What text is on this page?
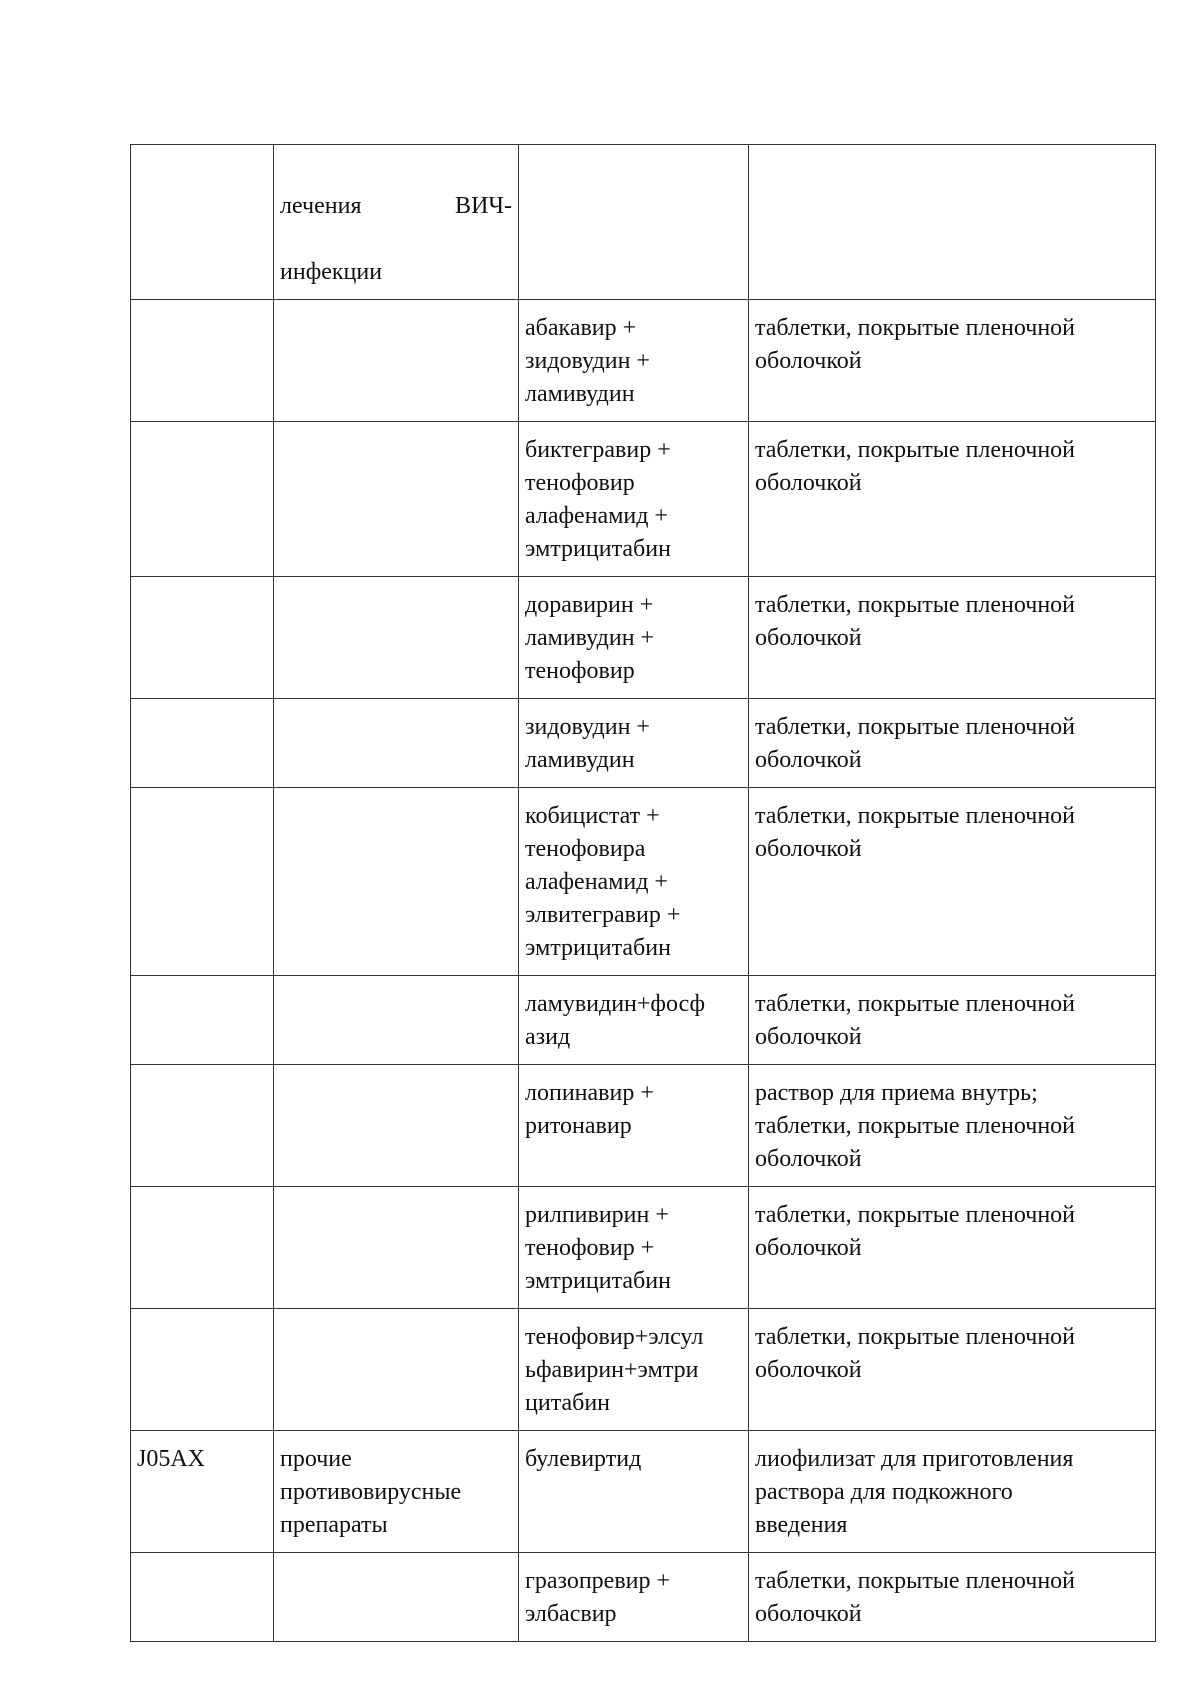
	лечения ВИЧ-

инфекции

		абакавир +
зидовудин +
ламивудин	таблетки, покрытые пленочной
оболочкой
		биктегравир +
тенофовир
алафенамид +
эмтрицитабин	таблетки, покрытые пленочной
оболочкой
		доравирин +
ламивудин +
тенофовир	таблетки, покрытые пленочной
оболочкой
		зидовудин +
ламивудин	таблетки, покрытые пленочной
оболочкой
		кобицистат +
тенофовира
алафенамид +
элвитегравир +
эмтрицитабин	таблетки, покрытые пленочной
оболочкой
		ламувидин+фосф
азид	таблетки, покрытые пленочной
оболочкой
		лопинавир +
ритонавир	раствор для приема внутрь;
таблетки, покрытые пленочной
оболочкой
		рилпивирин +
тенофовир +
эмтрицитабин	таблетки, покрытые пленочной
оболочкой
		тенофовир+элсул
ьфавирин+эмтри
цитабин	таблетки, покрытые пленочной
оболочкой
J05AX	прочие
противовирусные
препараты	булевиртид	лиофилизат для приготовления
раствора для подкожного
введения
		гразопревир +
элбасвир	таблетки, покрытые пленочной
оболочкой
